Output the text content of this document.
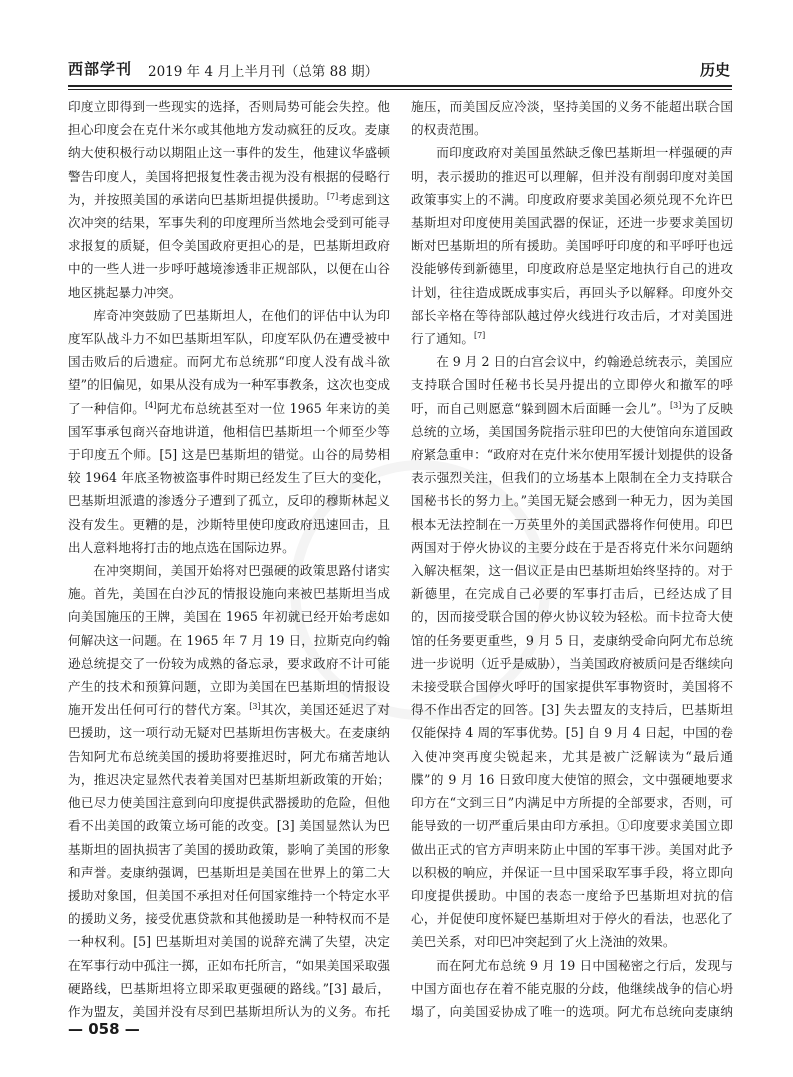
西部学刊 2019 年 4 月上半月刊（总第 88 期）	历史

印度立即得到一些现实的选择，否则局势可能会失控。他担心印度会在克什米尔或其他地方发动疯狂的反攻。麦康纳大使积极行动以期阻止这一事件的发生，他建议华盛顿警告印度人，美国将把报复性袭击视为没有根据的侵略行为，并按照美国的承诺向巴基斯坦提供援助。[7]考虑到这次冲突的结果，军事失利的印度理所当然地会受到可能寻求报复的质疑，但令美国政府更担心的是，巴基斯坦政府中的一些人进一步呼吁越境渗透非正规部队，以便在山谷地区挑起暴力冲突。

库奇冲突鼓励了巴基斯坦人，在他们的评估中认为印度军队战斗力不如巴基斯坦军队，印度军队仍在遭受被中国击败后的后遗症。而阿尤布总统那“印度人没有战斗欲望”的旧偏见，如果从没有成为一种军事教条，这次也变成了一种信仰。[4]阿尤布总统甚至对一位 1965 年来访的美国军事承包商兴奋地讲道，他相信巴基斯坦一个师至少等于印度五个师。[5] 这是巴基斯坦的错觉。山谷的局势相较 1964 年底圣物被盗事件时期已经发生了巨大的变化，巴基斯坦派遣的渗透分子遭到了孤立，反印的穆斯林起义没有发生。更糟的是，沙斯特里使印度政府迅速回击，且出人意料地将打击的地点选在国际边界。

在冲突期间，美国开始将对巴强硬的政策思路付诸实施。首先，美国在白沙瓦的情报设施向来被巴基斯坦当成向美国施压的王牌，美国在 1965 年初就已经开始考虑如何解决这一问题。在 1965 年 7 月 19 日，拉斯克向约翰逊总统提交了一份较为成熟的备忘录，要求政府不计可能产生的技术和预算问题，立即为美国在巴基斯坦的情报设施开发出任何可行的替代方案。[3]其次，美国还延迟了对巴援助，这一项行动无疑对巴基斯坦伤害极大。在麦康纳告知阿尤布总统美国的援助将要推迟时，阿尤布痛苦地认为，推迟决定显然代表着美国对巴基斯坦新政策的开始；他已尽力使美国注意到向印度提供武器援助的危险，但他看不出美国的政策立场可能的改变。[3] 美国显然认为巴基斯坦的固执损害了美国的援助政策，影响了美国的形象和声誉。麦康纳强调，巴基斯坦是美国在世界上的第二大援助对象国，但美国不承担对任何国家维持一个特定水平的援助义务，接受优惠贷款和其他援助是一种特权而不是一种权利。[5] 巴基斯坦对美国的说辞充满了失望，决定在军事行动中孤注一掷，正如布托所言，“如果美国采取强硬路线，巴基斯坦将立即采取更强硬的路线。”[3] 最后，作为盟友，美国并没有尽到巴基斯坦所认为的义务。布托

施压，而美国反应冷淡，坚持美国的义务不能超出联合国的权责范围。

而印度政府对美国虽然缺乏像巴基斯坦一样强硬的声明，表示援助的推迟可以理解，但并没有削弱印度对美国政策事实上的不满。印度政府要求美国必须兑现不允许巴基斯坦对印度使用美国武器的保证，还进一步要求美国切断对巴基斯坦的所有援助。美国呼吁印度的和平呼吁也远没能够传到新德里，印度政府总是坚定地执行自己的进攻计划，往往造成既成事实后，再回头予以解释。印度外交部长辛格在等待部队越过停火线进行攻击后，才对美国进行了通知。[7]

在 9 月 2 日的白宫会议中，约翰逊总统表示，美国应支持联合国时任秘书长吴丹提出的立即停火和撤军的呼吁，而自己则愿意“躲到圆木后面睡一会儿”。[3]为了反映总统的立场，美国国务院指示驻印巴的大使馆向东道国政府紧急重申：“政府对在克什米尔使用军援计划提供的设备表示强烈关注，但我们的立场基本上限制在全力支持联合国秘书长的努力上。”美国无疑会感到一种无力，因为美国根本无法控制在一万英里外的美国武器将作何使用。印巴两国对于停火协议的主要分歧在于是否将克什米尔问题纳入解决框架，这一倡议正是由巴基斯坦始终坚持的。对于新德里，在完成自己必要的军事打击后，已经达成了目的，因而接受联合国的停火协议较为轻松。而卡拉奇大使馆的任务要更重些，9 月 5 日，麦康纳受命向阿尤布总统进一步说明（近乎是威胁），当美国政府被质问是否继续向未接受联合国停火呼吁的国家提供军事物资时，美国将不得不作出否定的回答。[3] 失去盟友的支持后，巴基斯坦仅能保持 4 周的军事优势。[5] 自 9 月 4 日起，中国的卷入使冲突再度尖锐起来，尤其是被广泛解读为“最后通牒”的 9 月 16 日致印度大使馆的照会，文中强硬地要求印方在“文到三日”内满足中方所提的全部要求，否则，可能导致的一切严重后果由印方承担。①印度要求美国立即做出正式的官方声明来防止中国的军事干涉。美国对此予以积极的响应，并保证一旦中国采取军事手段，将立即向印度提供援助。中国的表态一度给予巴基斯坦对抗的信心，并促使印度怀疑巴基斯坦对于停火的看法，也恶化了美巴关系，对印巴冲突起到了火上浇油的效果。

而在阿尤布总统 9 月 19 日中国秘密之行后，发现与中国方面也存在着不能克服的分歧，他继续战争的信心坍塌了，向美国妥协成了唯一的选项。阿尤布总统向麦康纳

— 058 —
